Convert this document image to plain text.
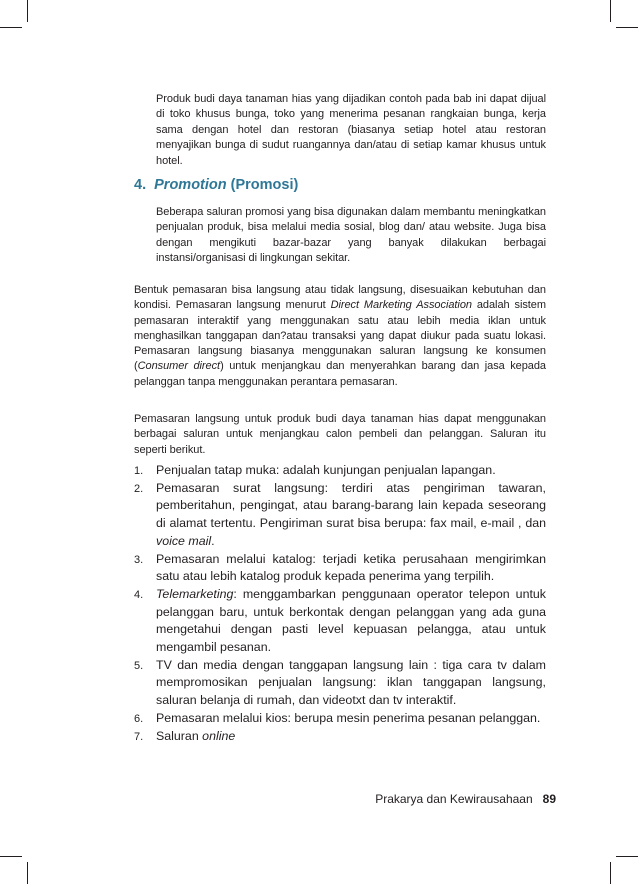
Produk budi daya tanaman hias yang dijadikan contoh pada bab ini dapat dijual di toko khusus bunga, toko yang menerima pesanan rangkaian bunga, kerja sama dengan hotel dan restoran (biasanya setiap hotel atau restoran menyajikan bunga di sudut ruangannya dan/atau di setiap kamar khusus untuk hotel.

4. Promotion (Promosi)

Beberapa saluran promosi yang bisa digunakan dalam membantu meningkatkan penjualan produk, bisa melalui media sosial, blog dan/ atau website. Juga bisa dengan mengikuti bazar-bazar yang banyak dilakukan berbagai instansi/organisasi di lingkungan sekitar.

Bentuk pemasaran bisa langsung atau tidak langsung, disesuaikan kebutuhan dan kondisi. Pemasaran langsung menurut Direct Marketing Association adalah sistem pemasaran interaktif yang menggunakan satu atau lebih media iklan untuk menghasilkan tanggapan dan?atau transaksi yang dapat diukur pada suatu lokasi. Pemasaran langsung biasanya menggunakan saluran langsung ke konsumen (Consumer direct) untuk menjangkau dan menyerahkan barang dan jasa kepada pelanggan tanpa menggunakan perantara pemasaran.

Pemasaran langsung untuk produk budi daya tanaman hias dapat menggunakan berbagai saluran untuk menjangkau calon pembeli dan pelanggan. Saluran itu seperti berikut.

1. Penjualan tatap muka: adalah kunjungan penjualan lapangan.
2. Pemasaran surat langsung: terdiri atas pengiriman tawaran, pemberitahun, pengingat, atau barang-barang lain kepada seseorang di alamat tertentu. Pengiriman surat bisa berupa: fax mail, e-mail , dan voice mail.
3. Pemasaran melalui katalog: terjadi ketika perusahaan mengirimkan satu atau lebih katalog produk kepada penerima yang terpilih.
4. Telemarketing: menggambarkan penggunaan operator telepon untuk pelanggan baru, untuk berkontak dengan pelanggan yang ada guna mengetahui dengan pasti level kepuasan pelangga, atau untuk mengambil pesanan.
5. TV dan media dengan tanggapan langsung lain : tiga cara tv dalam mempromosikan penjualan langsung: iklan tanggapan langsung, saluran belanja di rumah, dan videotxt dan tv interaktif.
6. Pemasaran melalui kios: berupa mesin penerima pesanan pelanggan.
7. Saluran online
Prakarya dan Kewirausahaan 89
